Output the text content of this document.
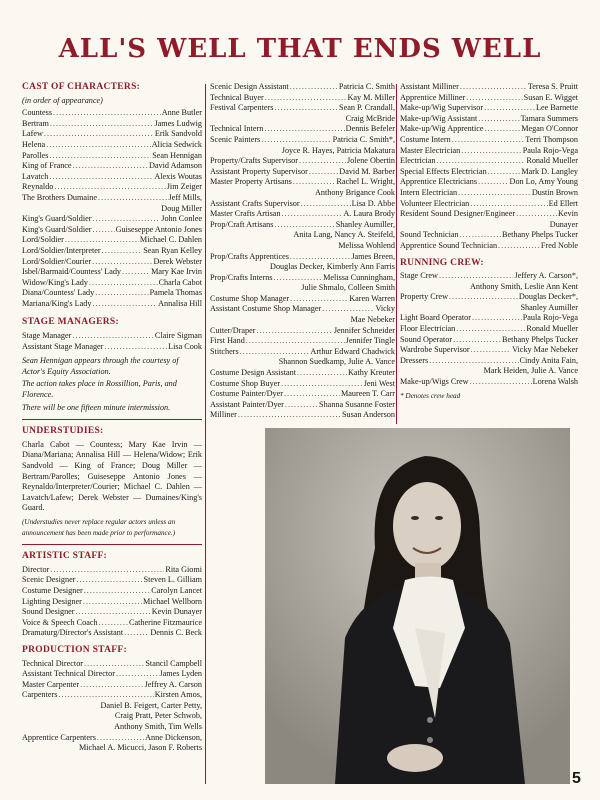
ALL'S WELL THAT ENDS WELL
CAST OF CHARACTERS:
(in order of appearance)
Countess .....	Anne Butler
Bertram .....	James Ludwig
Lafew .....	Erik Sandvold
Helena .....	Alicia Sedwick
Parolles .....	Sean Hennigan
King of France .....	David Adamson
Lavatch .....	Alexis Woutas
Reynaldo .....	Jim Zeiger
The Brothers Dumaine .....	Jeff Mills,
Doug Miller
King's Guard/Soldier .....	John Conlee
King's Guard/Soldier .....	Guiseseppe Antonio Jones
Lord/Soldier .....	Michael C. Dahlen
Lord/Soldier/Interpreter .....	Sean Ryan Kelley
Lord/Soldier/Courier .....	Derek Webster
Isbel/Barmaid/Countess' Lady .....	Mary Kae Irvin
Widow/King's Lady .....	Charla Cabot
Diana/Countess' Lady .....	Pamela Thomas
Mariana/King's Lady .....	Annalisa Hill
STAGE MANAGERS:
Stage Manager .....	Claire Sigman
Assistant Stage Manager .....	Lisa Cook
Sean Hennigan appears through the courtesy of Actor's Equity Association.
The action takes place in Rossillion, Paris, and Florence.
There will be one fifteen minute intermission.
UNDERSTUDIES:
Charla Cabot — Countess; Mary Kae Irvin — Diana/Mariana; Annalisa Hill — Helena/Widow; Erik Sandvold — King of France; Doug Miller — Bertram/Parolles; Guiseseppe Antonio Jones — Reynaldo/Interpreter/Courier; Michael C. Dahlen — Lavatch/Lafew; Derek Webster — Dumaines/King's Guard.
(Understudies never replace regular actors unless an announcement has been made prior to performance.)
ARTISTIC STAFF:
Director .....	Rita Giomi
Scenic Designer .....	Steven L. Gilliam
Costume Designer .....	Carolyn Lancet
Lighting Designer .....	Michael Wellborn
Sound Designer .....	Kevin Dunayer
Voice & Speech Coach .....	Catherine Fitzmaurice
Dramaturg/Director's Assistant .....	Dennis C. Beck
PRODUCTION STAFF:
Technical Director .....	Stancil Campbell
Assistant Technical Director .....	James Lyden
Master Carpenter .....	Jeffrey A. Carson
Carpenters .....	Kirsten Amos,
Daniel B. Feigert, Carter Petty,
Craig Pratt, Peter Schwob,
Anthony Smith, Tim Wells
Apprentice Carpenters .....	Anne Dickenson,
Michael A. Micucci, Jason F. Roberts
Scenic Design Assistant .....	Patricia C. Smith
Technical Buyer .....	Kay M. Miller
Festival Carpenters .....	Sean P. Crandall,
Craig McBride
Technical Intern .....	Dennis Befeler
Scenic Painters .....	Patricia C. Smith*,
Joyce R. Hayes, Patricia Makatura
Property/Crafts Supervisor .....	Jolene Obertin
Assistant Property Supervisor .....	David M. Barber
Master Property Artisans .....	Rachel L. Wright,
Anthony Brigance Cook
Assistant Crafts Supervisor .....	Lisa D. Abbe
Master Crafts Artisan .....	A. Laura Brody
Prop/Craft Artisans .....	Shanley Aumiller,
Anita Lang, Nancy A. Steifeld,
Melissa Wohlend
Prop/Crafts Apprentices .....	James Breen,
Douglas Decker, Kimberly Ann Farris
Prop/Crafts Interns .....	Melissa Cunningham,
Julie Shmalo, Colleen Smith
Costume Shop Manager .....	Karen Warren
Assistant Costume Shop Manager .....	Vicky
Mae Nebeker
Cutter/Draper .....	Jennifer Schneider
First Hand .....	Jennifer Tingle
Stitchers .....	Arthur Edward Chadwick
Shannon Suedkamp, Julie A. Vance
Costume Design Assistant .....	Kathy Kreuter
Costume Shop Buyer .....	Jeni West
Costume Painter/Dyer .....	Maureen T. Carr
Assistant Painter/Dyer .....	Shanna Susanne Foster
Milliner .....	Susan Anderson
Assistant Milliner .....	Teresa S. Pruitt
Apprentice Milliner .....	Susan E. Wigget
Make-up/Wig Supervisor .....	Lee Barnette
Make-up/Wig Assistant .....	Tamara Summers
Make-up/Wig Apprentice .....	Megan O'Connor
Costume Intern .....	Terri Thompson
Master Electrician .....	Paula Rojo-Vega
Electrician .....	Ronald Mueller
Special Effects Electrician .....	Mark D. Langley
Apprentice Electricians .....	Don Lo, Amy Young
Intern Electrician .....	Dustin Brown
Volunteer Electrician .....	Ed Ellert
Resident Sound Designer/Engineer .....	Kevin
Dunayer
Sound Technician .....	Bethany Phelps Tucker
Apprentice Sound Technician .....	Fred Noble
RUNNING CREW:
Stage Crew .....	Jeffery A. Carson*,
Anthony Smith, Leslie Ann Kent
Property Crew .....	Douglas Decker*,
Shanley Aumiller
Light Board Operator .....	Paula Rojo-Vega
Floor Electrician .....	Ronald Mueller
Sound Operator .....	Bethany Phelps Tucker
Wardrobe Supervisor .....	Vicky Mae Nebeker
Dressers .....	Cindy Anita Fain,
Mark Heiden, Julie A. Vance
Make-up/Wigs Crew .....	Lorena Walsh
* Denotes crew head
5
